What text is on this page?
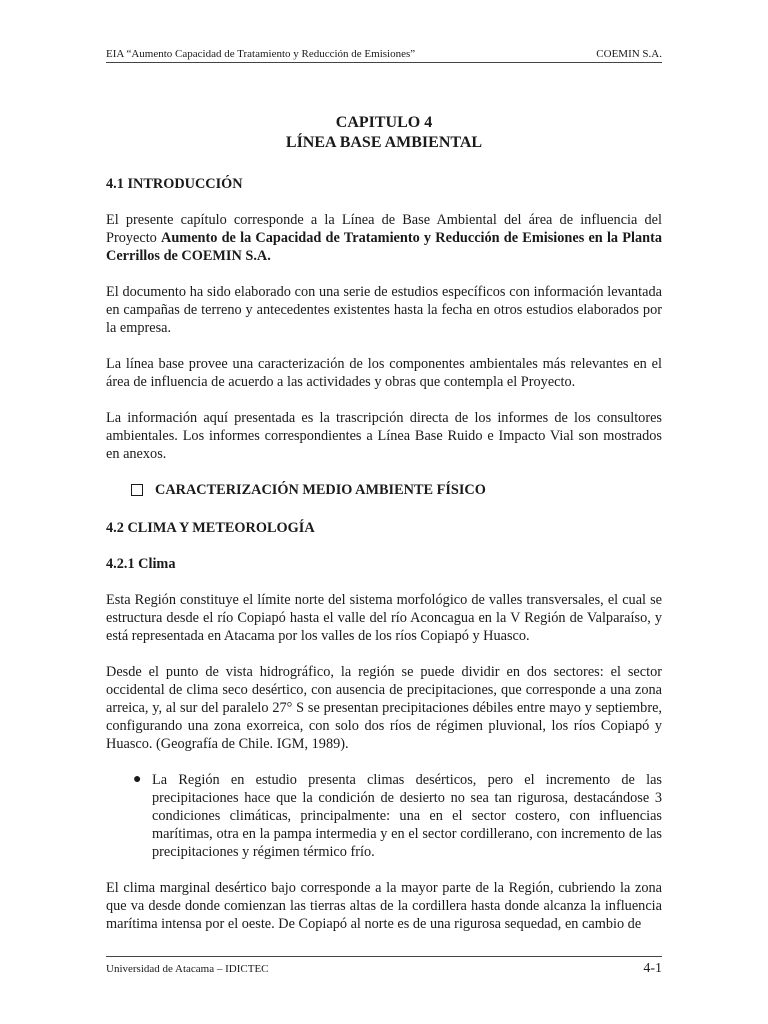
EIA “Aumento Capacidad de Tratamiento y Reducción de Emisiones”	COEMIN S.A.
CAPITULO 4
LÍNEA BASE AMBIENTAL
4.1 INTRODUCCIÓN

El presente capítulo corresponde a la Línea de Base Ambiental del área de influencia del Proyecto Aumento de la Capacidad de Tratamiento y Reducción de Emisiones en la Planta Cerrillos de COEMIN S.A.

El documento ha sido elaborado con una serie de estudios específicos con información levantada en campañas de terreno y antecedentes existentes hasta la fecha en otros estudios elaborados por la empresa.

La línea base provee una caracterización de los componentes ambientales más relevantes en el área de influencia de acuerdo a las actividades y obras que contempla el Proyecto.

La información aquí presentada es la trascripción directa de los informes de los consultores ambientales. Los informes correspondientes a Línea Base Ruido e Impacto Vial son mostrados en anexos.

CARACTERIZACIÓN MEDIO AMBIENTE FÍSICO
4.2 CLIMA Y METEOROLOGÍA
4.2.1 Clima

Esta Región constituye el límite norte del sistema morfológico de valles transversales, el cual se estructura desde el río Copiapó hasta el valle del río Aconcagua en la V Región de Valparaíso, y está representada en Atacama por los valles de los ríos Copiapó y Huasco.

Desde el punto de vista hidrográfico, la región se puede dividir en dos sectores: el sector occidental de clima seco desértico, con ausencia de precipitaciones, que corresponde a una zona arreica, y, al sur del paralelo 27° S se presentan precipitaciones débiles entre mayo y septiembre, configurando una zona exorreica, con solo dos ríos de régimen pluvional, los ríos Copiapó y Huasco. (Geografía de Chile. IGM, 1989).

● La Región en estudio presenta climas desérticos, pero el incremento de las precipitaciones hace que la condición de desierto no sea tan rigurosa, destacándose 3 condiciones climáticas, principalmente: una en el sector costero, con influencias marítimas, otra en la pampa intermedia y en el sector cordillerano, con incremento de las precipitaciones y régimen térmico frío.

El clima marginal desértico bajo corresponde a la mayor parte de la Región, cubriendo la zona que va desde donde comienzan las tierras altas de la cordillera hasta donde alcanza la influencia marítima intensa por el oeste. De Copiapó al norte es de una rigurosa sequedad, en cambio de

Universidad de Atacama – IDICTEC	4-1
